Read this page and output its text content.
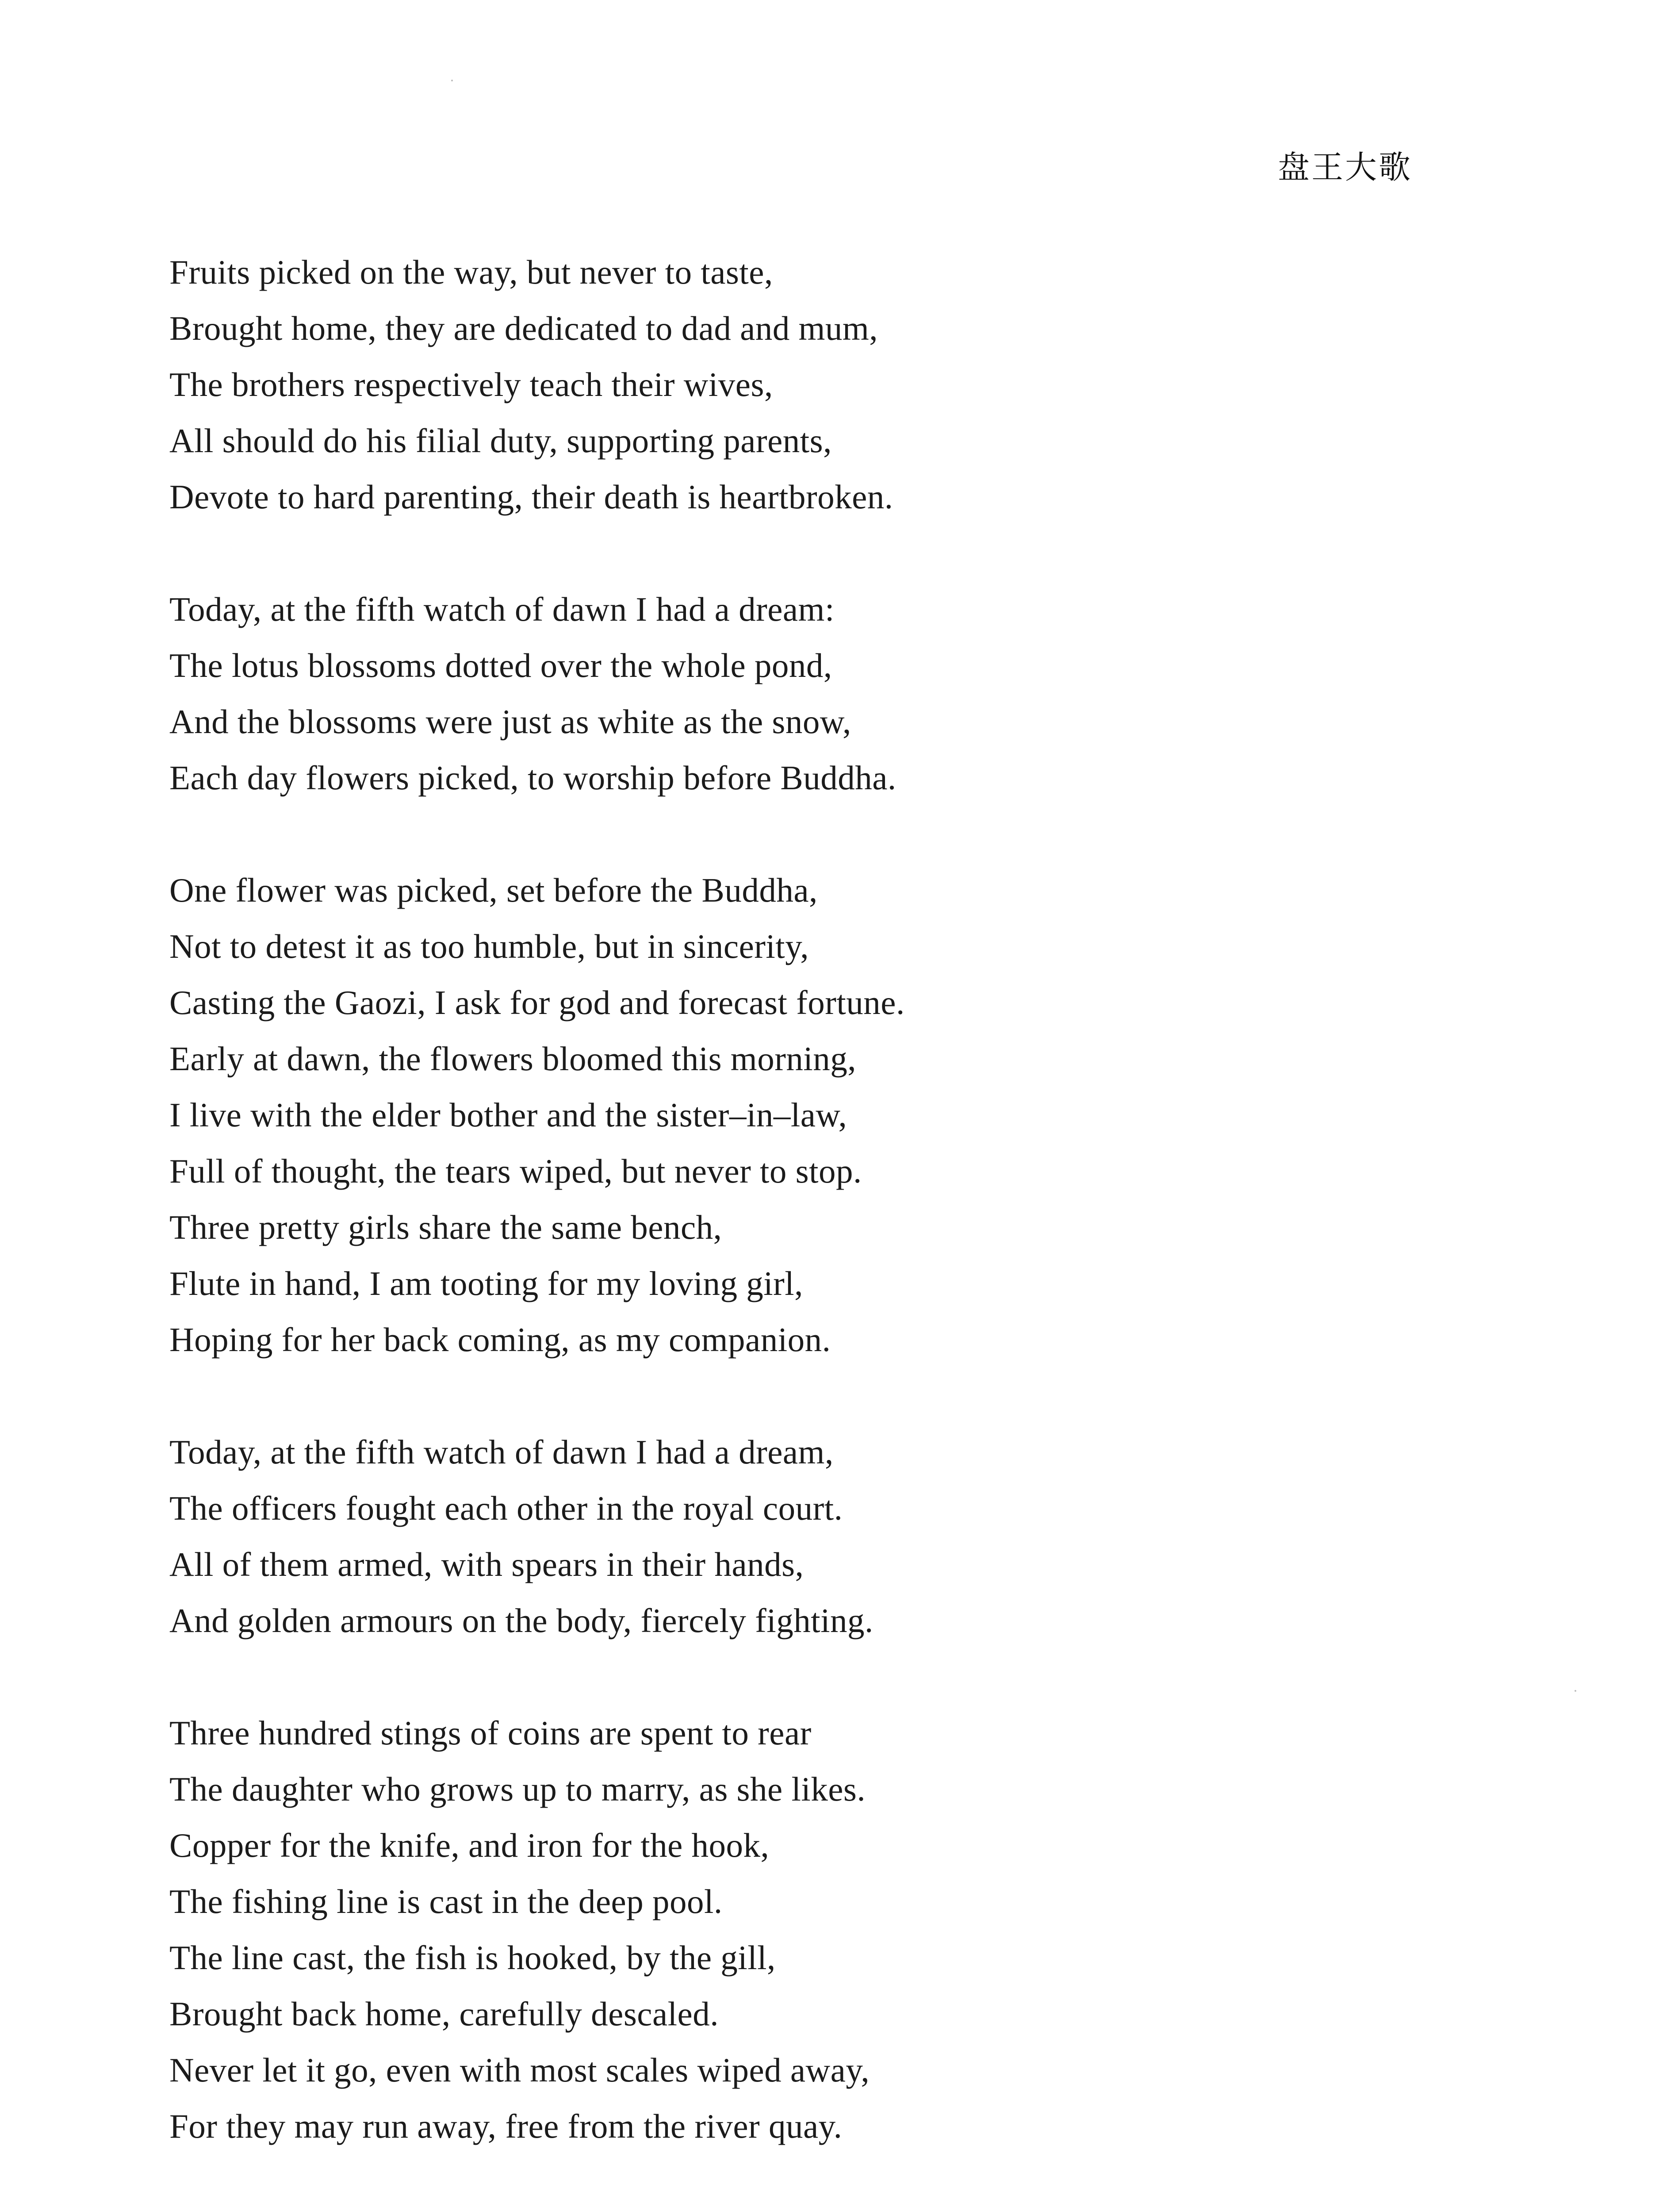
盘王大歌
Fruits picked on the way, but never to taste,
Brought home, they are dedicated to dad and mum,
The brothers respectively teach their wives,
All should do his filial duty, supporting parents,
Devote to hard parenting, their death is heartbroken.
Today, at the fifth watch of dawn I had a dream:
The lotus blossoms dotted over the whole pond,
And the blossoms were just as white as the snow,
Each day flowers picked, to worship before Buddha.
One flower was picked, set before the Buddha,
Not to detest it as too humble, but in sincerity,
Casting the Gaozi, I ask for god and forecast fortune.
Early at dawn, the flowers bloomed this morning,
I live with the elder bother and the sister–in–law,
Full of thought, the tears wiped, but never to stop.
Three pretty girls share the same bench,
Flute in hand, I am tooting for my loving girl,
Hoping for her back coming, as my companion.
Today, at the fifth watch of dawn I had a dream,
The officers fought each other in the royal court.
All of them armed, with spears in their hands,
And golden armours on the body, fiercely fighting.
Three hundred stings of coins are spent to rear
The daughter who grows up to marry, as she likes.
Copper for the knife, and iron for the hook,
The fishing line is cast in the deep pool.
The line cast, the fish is hooked, by the gill,
Brought back home, carefully descaled.
Never let it go, even with most scales wiped away,
For they may run away, free from the river quay.
